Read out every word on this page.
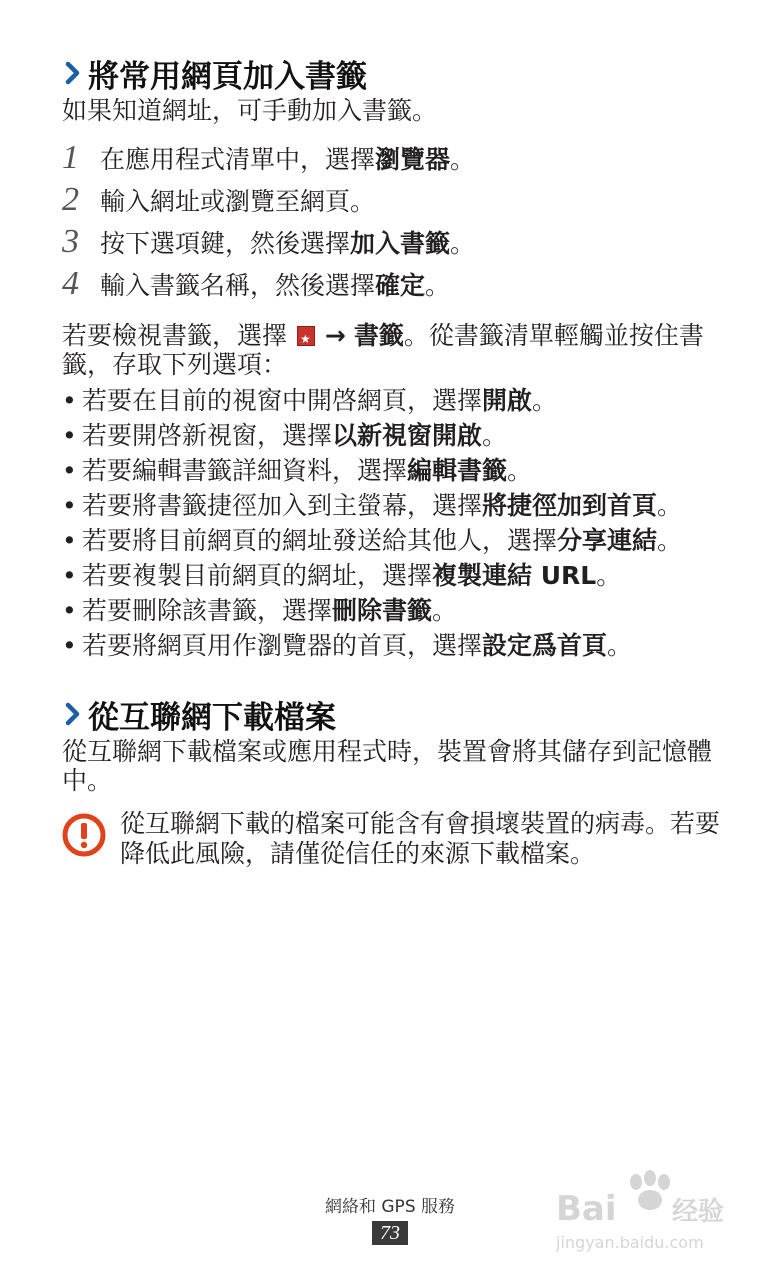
將常用網頁加入書籤

如果知道網址，可手動加入書籤。

1 在應用程式清單中，選擇瀏覽器。
2 輸入網址或瀏覽至網頁。
3 按下選項鍵，然後選擇加入書籤。
4 輸入書籤名稱，然後選擇確定。

若要檢視書籤，選擇 ★ → 書籤。從書籤清單輕觸並按住書籤，存取下列選項：

• 若要在目前的視窗中開啓網頁，選擇開啟。
• 若要開啓新視窗，選擇以新視窗開啟。
• 若要編輯書籤詳細資料，選擇編輯書籤。
• 若要將書籤捷徑加入到主螢幕，選擇將捷徑加到首頁。
• 若要將目前網頁的網址發送給其他人，選擇分享連結。
• 若要複製目前網頁的網址，選擇複製連結 URL。
• 若要刪除該書籤，選擇刪除書籤。
• 若要將網頁用作瀏覽器的首頁，選擇設定爲首頁。
從互聯網下載檔案

從互聯網下載檔案或應用程式時，裝置會將其儲存到記憶體中。

從互聯網下載的檔案可能含有會損壞裝置的病毒。若要降低此風險，請僅從信任的來源下載檔案。
網絡和 GPS 服務
73
Bai 经验
jingyan.baidu.com
